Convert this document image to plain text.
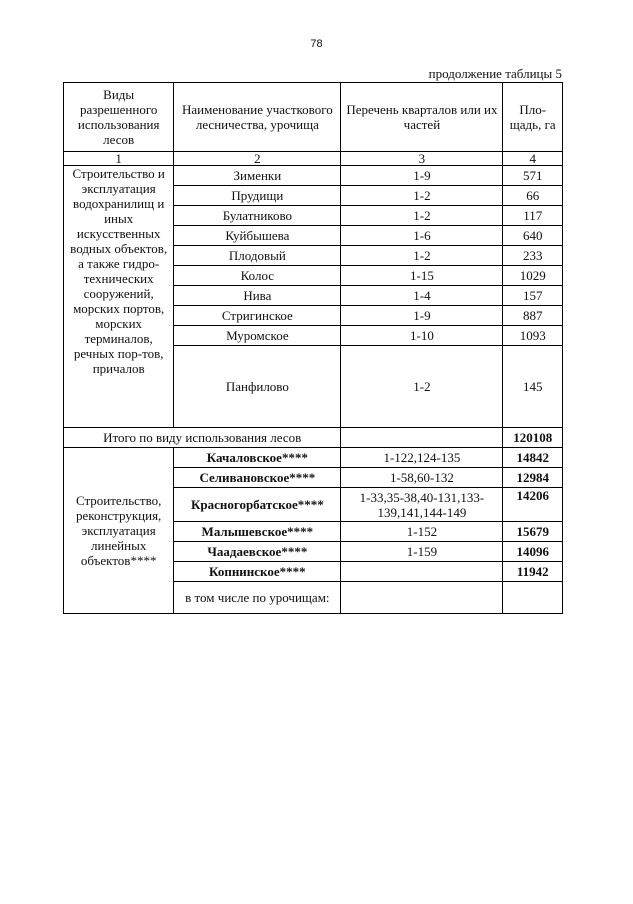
78
продолжение таблицы 5
Виды разрешенного использования лесов	Наименование участкового лесничества, урочища	Перечень кварталов или их частей	Пло-щадь, га
1	2	3	4
Строительство и эксплуатация водохранилищ и иных искусственных водных объектов, а также гидро-технических сооружений, морских портов, морских терминалов, речных пор-тов, причалов	Зименки	1-9	571
	Прудищи	1-2	66
	Булатниково	1-2	117
	Куйбышева	1-6	640
	Плодовый	1-2	233
	Колос	1-15	1029
	Нива	1-4	157
	Стригинское	1-9	887
	Муромское	1-10	1093
	Панфилово	1-2	145
Итого по виду использования лесов			120108
Строительство, реконструкция, эксплуатация линейных объектов****	Качаловское****	1-122,124-135	14842
	Селивановское****	1-58,60-132	12984
	Красногорбатское****	1-33,35-38,40-131,133-139,141,144-149	14206
	Малышевское****	1-152	15679
	Чаадаевское****	1-159	14096
	Копнинское****		11942
	в том числе по урочищам:		
